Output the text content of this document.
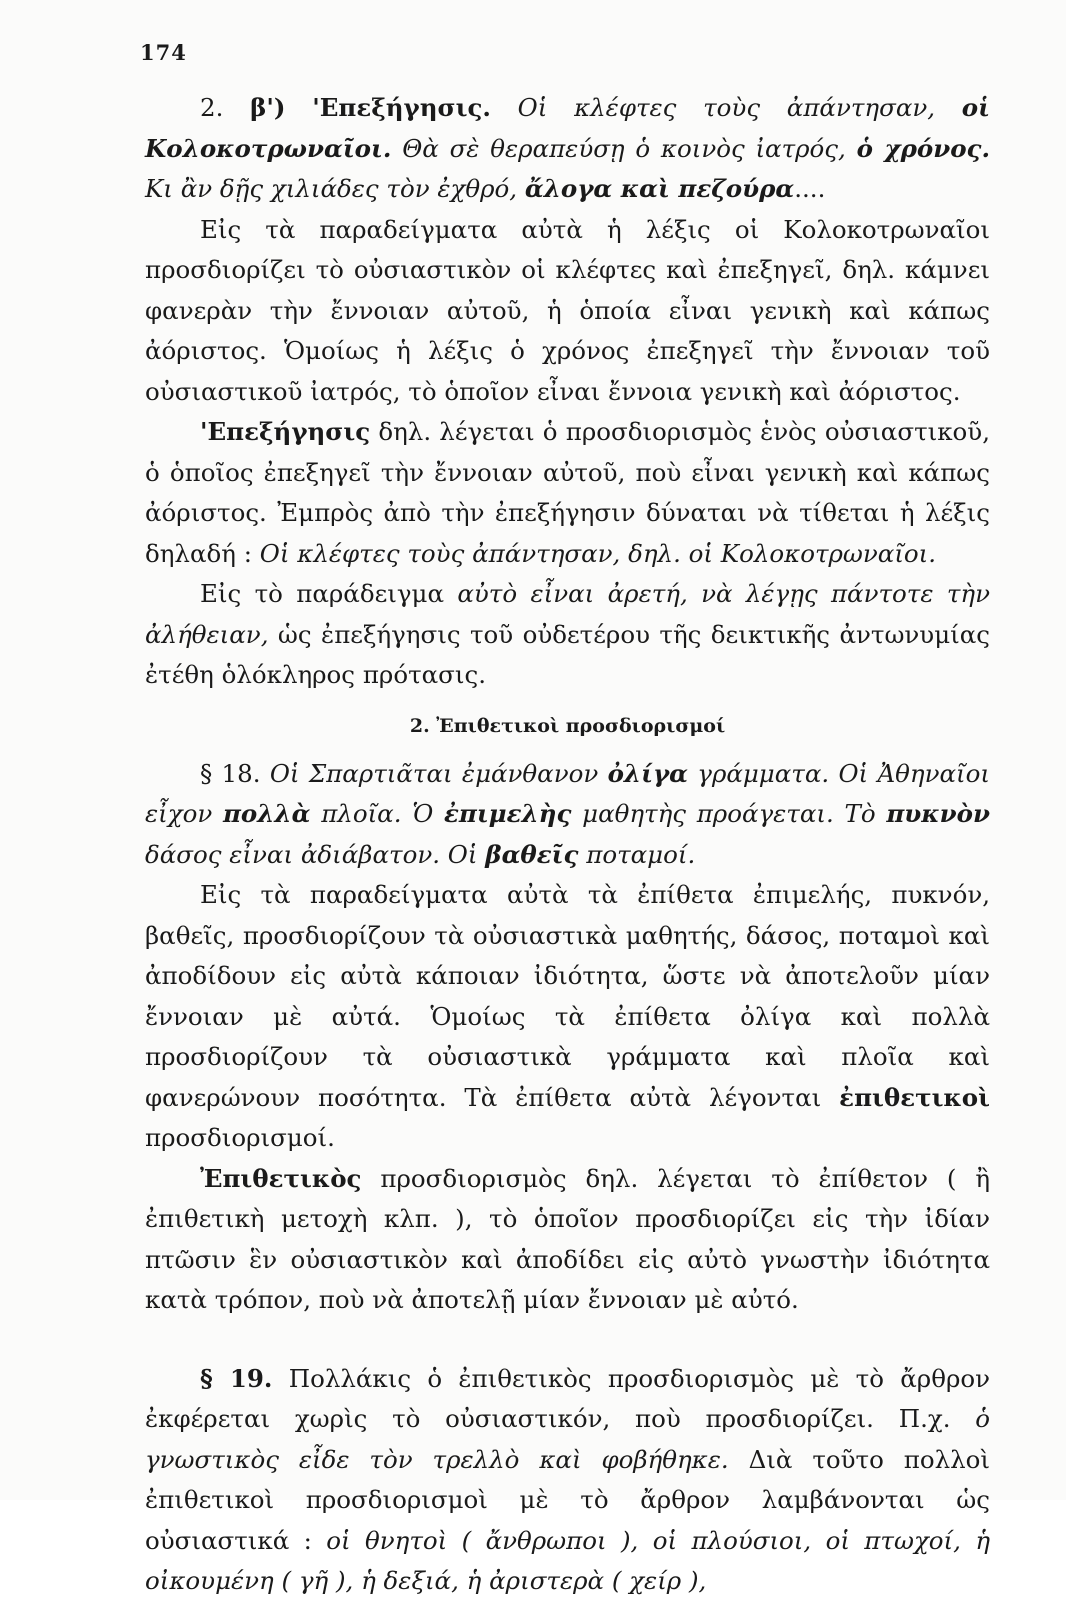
174

2. β') 'Επεξήγησις. Οἱ κλέφτες τοὺς ἀπάντησαν, οἱ Κολοκοτρωναῖοι. Θὰ σὲ θεραπεύσῃ ὁ κοινὸς ἰατρός, ὁ χρόνος. Κι ἂν δῇς χιλιάδες τὸν ἐχθρό, ἄλογα καὶ πεζούρα....

Εἰς τὰ παραδείγματα αὐτὰ ἡ λέξις οἱ Κολοκοτρωναῖοι προσδιορίζει τὸ οὐσιαστικὸν οἱ κλέφτες καὶ ἐπεξηγεῖ, δηλ. κάμνει φανερὰν τὴν ἔννοιαν αὐτοῦ, ἡ ὁποία εἶναι γενικὴ καὶ κάπως ἀόριστος. Ὁμοίως ἡ λέξις ὁ χρόνος ἐπεξηγεῖ τὴν ἔννοιαν τοῦ οὐσιαστικοῦ ἰατρός, τὸ ὁποῖον εἶναι ἔννοια γενικὴ καὶ ἀόριστος.

'Επεξήγησις δηλ. λέγεται ὁ προσδιορισμὸς ἑνὸς οὐσιαστικοῦ, ὁ ὁποῖος ἐπεξηγεῖ τὴν ἔννοιαν αὐτοῦ, ποὺ εἶναι γενικὴ καὶ κάπως ἀόριστος. Ἐμπρὸς ἀπὸ τὴν ἐπεξήγησιν δύναται νὰ τίθεται ἡ λέξις δηλαδή : Οἱ κλέφτες τοὺς ἀπάντησαν, δηλ. οἱ Κολοκοτρωναῖοι.

Εἰς τὸ παράδειγμα αὐτὸ εἶναι ἀρετή, νὰ λέγῃς πάντοτε τὴν ἀλήθειαν, ὡς ἐπεξήγησις τοῦ οὐδετέρου τῆς δεικτικῆς ἀντωνυμίας ἐτέθη ὁλόκληρος πρότασις.

2. Ἐπιθετικοὶ προσδιορισμοί

§ 18. Οἱ Σπαρτιᾶται ἐμάνθανον ὀλίγα γράμματα. Οἱ Ἀθηναῖοι εἶχον πολλὰ πλοῖα. Ὁ ἐπιμελὴς μαθητὴς προάγεται. Τὸ πυκνὸν δάσος εἶναι ἀδιάβατον. Οἱ βαθεῖς ποταμοί.

Εἰς τὰ παραδείγματα αὐτὰ τὰ ἐπίθετα ἐπιμελής, πυκνόν, βαθεῖς, προσδιορίζουν τὰ οὐσιαστικὰ μαθητής, δάσος, ποταμοὶ καὶ ἀποδίδουν εἰς αὐτὰ κάποιαν ἰδιότητα, ὥστε νὰ ἀποτελοῦν μίαν ἔννοιαν μὲ αὐτά. Ὁμοίως τὰ ἐπίθετα ὀλίγα καὶ πολλὰ προσδιορίζουν τὰ οὐσιαστικὰ γράμματα καὶ πλοῖα καὶ φανερώνουν ποσότητα. Τὰ ἐπίθετα αὐτὰ λέγονται ἐπιθετικοὶ προσδιορισμοί.

Ἐπιθετικὸς προσδιορισμὸς δηλ. λέγεται τὸ ἐπίθετον ( ἢ ἐπιθετικὴ μετοχὴ κλπ. ), τὸ ὁποῖον προσδιορίζει εἰς τὴν ἰδίαν πτῶσιν ἓν οὐσιαστικὸν καὶ ἀποδίδει εἰς αὐτὸ γνωστὴν ἰδιότητα κατὰ τρόπον, ποὺ νὰ ἀποτελῇ μίαν ἔννοιαν μὲ αὐτό.

§ 19. Πολλάκις ὁ ἐπιθετικὸς προσδιορισμὸς μὲ τὸ ἄρθρον ἐκφέρεται χωρὶς τὸ οὐσιαστικόν, ποὺ προσδιορίζει. Π.χ. ὁ γνωστικὸς εἶδε τὸν τρελλὸ καὶ φοβήθηκε. Διὰ τοῦτο πολλοὶ ἐπιθετικοὶ προσδιορισμοὶ μὲ τὸ ἄρθρον λαμβάνονται ὡς οὐσιαστικά : οἱ θνητοὶ ( ἄνθρωποι ), οἱ πλούσιοι, οἱ πτωχοί, ἡ οἰκουμένη ( γῆ ), ἡ δεξιά, ἡ ἀριστερὰ ( χείρ ),
